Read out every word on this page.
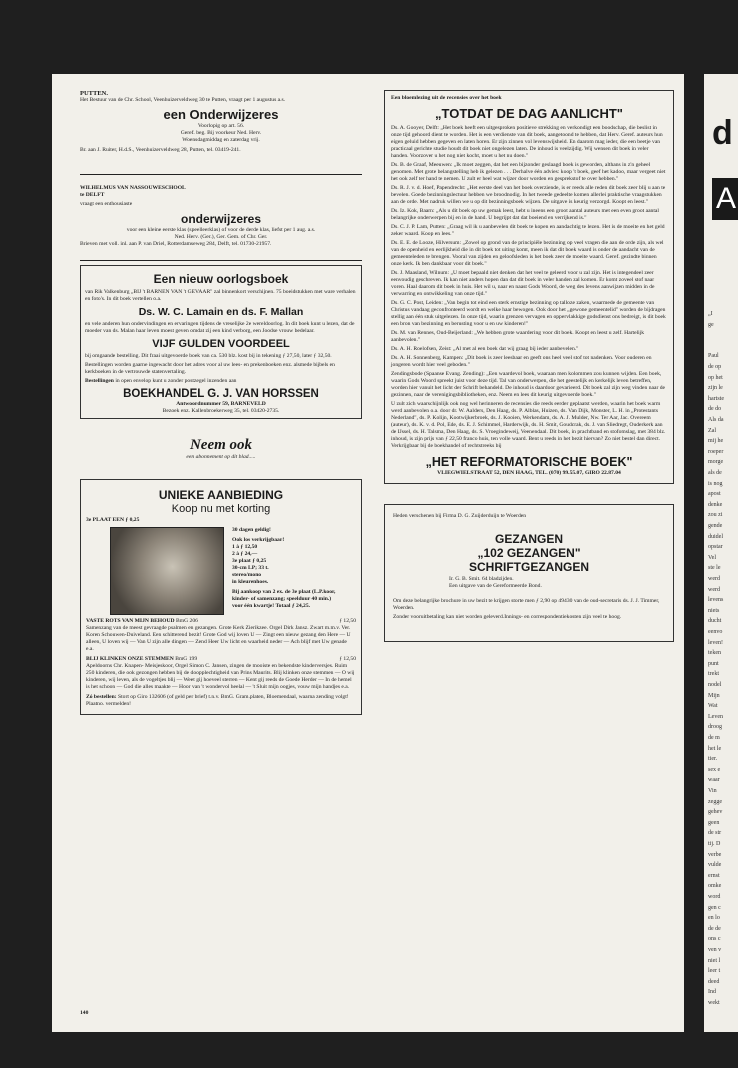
PUTTEN.
Het Bestuur van de Chr. School, Veenhuizerveldweg 30 te Putten, vraagt per 1 augustus a.s.
een Onderwijzeres
Voorlopig op art. 56.
Geref. beg. Bij voorkeur Ned. Herv.
Woensdagmiddag en zaterdag vrij.
Br. aan J. Ruiter, H.d.S., Veenhuizerveldweg 28, Putten, tel. 03419-241.
WILHELMUS VAN NASSOUWESCHOOL
te DELFT
vraagt een enthousiaste
onderwijzeres
voor een kleine eerste klas (speelleerklas) of voor de derde klas, liefst per 1 aug. a.s.
Ned. Herv. (Ger.), Ger. Gem. of Chr. Ger.
Brieven met voll. inl. aan P. van Driel, Rotterdamseweg 284, Delft, tel. 01730-21957.
Een nieuw oorlogsboek
van Rik Valkenburg „BIJ 't BARNEN VAN 't GEVAAR" zal binnenkort verschijnen. 75 boeidstukken met ware verhalen en foto's. In dit boek vertellen o.a.
Ds. W. C. Lamain en ds. F. Mallan
en vele anderen hun ondervindingen en ervaringen tijdens de vreselijke 2e wereldoorlog. In dit boek kunt u lezen, dat de moeder van ds. Malan haar leven moest geven omdat zij een kind verborg, een Joodse vrouw bedelaar.
VIJF GULDEN VOORDEEL
bij omgaande bestelling. Dit fraai uitgevoerde boek van ca. 530 blz. kost bij in tekening ƒ 27,50, later ƒ 32,50.
Bestellingen worden gaarne ingewacht door het adres voor al uw lees- en prekenboeken enz. alsmede bijbels en kerkboeken in de vertrouwde statenvertaling.
Bestellingen in open envelop kunt u zonder postzegel inzenden aan
BOEKHANDEL G. J. VAN HORSSEN
Antwoordnummer 59, BARNEVELD
Bezoek enz. Kallenbroekerweg 35, tel. 03420-2735.
Neem ook
een abonnement op dit blad.....
UNIEKE AANBIEDING
Koop nu met korting
3e PLAAT EEN ƒ 0,25
30 dagen geldig!
Ook los verkrijgbaar!
1 à ƒ 12,50
2 à ƒ 24,—
3e plaat ƒ 0,25
30-cm LP; 33 t.
stereo/mono
in kleurenhoes.
Bij aankoop van 2 ex. de 3e plaat (L.P.koor, kinder- of samenzang; speelduur 40 min.) voor één kwartje! Totaal ƒ 24,25.
VASTE ROTS VAN MIJN BEHOUD BmG 206	ƒ 12,50
Samenzang van de meest gevraagde psalmen en gezangen. Grote Kerk Zierikzee. Orgel Dirk Jansz. Zwart m.m.v. Ver. Koren Schouwen-Duiveland. Een schitterend bezit! Grote God wij loven U — Zingt een nieuw gezang den Here — U alleen, U loven wij — Van U zijn alle dingen — Zend Heer Uw licht en waarheid neder — Ach blijf met Uw genade e.a.
BLIJ KLINKEN ONZE STEMMEN BmG 199	ƒ 12,50
Apeldoorns Chr. Knapen- Meisjeskoor, Orgel Simon C. Jansen, zingen de mooiste en bekendste kinderversjes. Ruim 250 kinderen, die ook gezongen hebben bij de doopplechtigheid van Prins Maurits. Blij klinken onze stemmen — O wij kinderen, wij leven, als de vogeltjes blij — Weet gij hoeveel sterren — Kent gij reeds de Goede Herder — In de hemel is het schoon — God die alles maakte — Hoor van 't wondervol heelal — 't Sluit mijn oogjes, vouw mijn handjes e.a.
Zó bestellen: Stort op Giro 132606 (of geld per brief) t.n.v. BmG. Gram.platen, Bloemendaal, waarna zending volgt! Plaatno. vermelden!
140
Een bloemlezing uit de recensies over het boek
„TOTDAT DE DAG AANLICHT"
Ds. A. Gooyer, Delft: „Het boek heeft een uitgesproken positieve strekking en verkondigt een boodschap, die beslist in onze tijd gehoord dient te worden. Het is een verdienste van dit boek, aangetoond te hebben, dat Herv. Geref. auteurs hun eigen geluid hebben gegeven en laten horen. Er zijn zinnen vol levenswijsheid. En daarom mag ieder, die een beetje van practicaal gerichte studie houdt dit boek niet ongelezen laten. De inhoud is veelzijdig. Wij wensen dit boek in veler handen. Voorzover u het nog niet kocht, moet u het nu doen."
Ds. B. de Graaf, Meeuwen: „Ik moet zeggen, dat het een bijzonder geslaagd boek is geworden, althans in z'n geheel genomen. Met grote belangstelling heb ik gelezen . . . Derhalve één advies: koop 't boek, geef het kadoo, maar vergeet niet het ook zelf ter hand te nemen. U zult er heel wat wijzer door worden en gesprekstof te over hebben."
Ds. R. J. v. d. Hoef, Papendrecht: „Het eerste deel van het boek overziende, is er reeds alle reden dit boek zeer blij u aan te bevelen. Goede bezinningslectuur hebben we broodnodig. In het tweede gedeelte komen allerlei praktische vraagstukken aan de orde. Met nadruk willen we u op dit bezinningsboek wijzen. De uitgave is keurig verzorgd. Koopt en leest."
Ds. Iz. Kok, Baarn: „Als u dit boek op uw gemak leest, hebt u ineens een groot aantal auteurs met een even groot aantal belangrijke onderwerpen bij en in de hand. U begrijpt dat dat boeiend en verrijkend is."
Ds. C. J. P. Lam, Putten: „Graag wil ik u aanbevelen dit boek te kopen en aandachtig te lezen. Het is de moeite en het geld zeker waard. Koop en lees."
Ds. E. E. de Looze, Hilversum: „Zowel op grond van de principiële bezinning op veel vragen die aan de orde zijn, als wel van de openheid en eerlijkheid die in dit boek tot uiting komt, meen ik dat dit boek waard is onder de aandacht van de gemeenteleden te brengen. Vooral van zijden en geloofsleden is het boek zeer de moeite waard. Geref. gezindte binnen onze kerk. Ik ben dankbaar voor dit boek."
Ds. J. Maasland, Wilnum: „U moet bepaald niet denken dat het veel te geleerd voor u zal zijn. Het is integendeel zeer eenvoudig geschreven. Ik kan niet anders hopen dan dat dit boek in veler handen zal komen. Er komt zoveel stof naar voren. Haal daarom dit boek in huis. Het wil u, naar en naast Gods Woord, de weg des levens aanwijzen midden in de verwarring en ontwikkeling van onze tijd."
Ds. G. C. Post, Leiden: „Van begin tot eind een sterk ernstige bezinning op talloze zaken, waarmede de gemeente van Christus vandaag geconfronteerd wordt en welke haar bewogen. Ook door het „gewone gemeentelid" worden de bijdragen stellig aan één stuk uitgelezen. In onze tijd, waarin grenzen vervagen en oppervlakkige godsdienst ons bedreigt, is dit boek een bron van bezinning en berusting voor u en uw kinderen!"
Ds. M. van Rennes, Oud-Beijerland: „We hebben grote waardering voor dit boek. Koopt en leest u zelf. Hartelijk aanbevolen."
Ds. A. H. Roelofsen, Zeist: „Al met al een boek dat wij graag bij ieder aanbevelen."
Ds. A. H. Sonnenberg, Kampen: „Dit boek is zeer leesbaar en geeft ons heel veel stof tot nadenken. Voor ouderen en jongeren wordt hier veel geboden."
Zendingsbode (Spaanse Evang. Zending): „Een waardevol boek, waaraan men kolommen zou kunnen wijden. Een boek, waarin Gods Woord spreekt juist voor deze tijd. Tal van onderwerpen, die het geestelijk en kerkelijk leven betreffen, worden hier vanuit het licht der Schrift behandeld. De inhoud is daardoor gevarieerd. Dit boek zal zijn weg vinden naar de gezinnen, naar de verenigingsbibliotheken, enz. Neem en lees dit keurig uitgevoerde boek."
U zult zich waarschijnlijk ook nog wel herinneren de recensies die reeds eerder geplaatst werden, waarin het boek warm werd aanbevolen o.a. door dr. W. Aalders, Den Haag, ds. P. Alblas, Huizen, ds. Van Dijk, Monster, L. H. in „Protestants Nederland", ds. P. Kolijn, Kootwijkerbroek, ds. J. Kooien, Werkendam, ds. A. J. Mulder, Nw. Ter Aar, Jac. Overeem (auteur), ds. K. v. d. Pol, Ede, ds. E. J. Schimmel, Harderwijk, ds. H. Smit, Goudcrak, ds. J. van Sliedregt, Ouderkerk aan de IJssel, ds. H. Talsma, Den Haag, ds. S. Vroegindeweij, Veenendaal. Dit boek, in prachtband en stofomslag, met 384 blz. inhoud, is zijn prijs van ƒ 22,50 franco huis, ten volle waard. Bent u reeds in het bezit hiervan? Zo niet bestel dan direct. Verkrijgbaar bij de boekhandel of rechtstreeks bij
„HET REFORMATORISCHE BOEK"
VLIEGWIELSTRAAT 52, DEN HAAG, TEL. (070) 99.55.07, GIRO 22.87.04
Heden verschenen bij Firma D. G. Zuijderduijn te Woerden
GEZANGEN
„102 GEZANGEN"
SCHRIFTGEZANGEN
Ir. G. B. Smit. 64 bladzijden.
Een uitgave van de Gereformeerde Bond.
Om deze belangrijke brochure in uw bezit te krijgen storte men ƒ 2,90 op 49430 van de oud-secretaris ds. J. J. Timmer, Woerden.
Zonder vooruitbetaling kan niet worden geleverd.Innings- en correspondentiekosten zijn veel te hoog.
d
A
„I
ge
Paul
de op
op het
zijn le
hartste
de do
Als da
Zal
mij he
roeper
morge
als de
is nog
apost
denke
zou zi
gende
duidel
opstar
Vel
ste le
werd
werd
levens
niets
ducht
eenvo
leven!
teken
punt
trekt
nodel
Mijn
Wat
Leven
droog
de m
het le
tier.
sex e
waar
Vin
zegge
gehev
geen
de str
tij. D
verbe
vulde
ernst
omke
word
gen c
en lo
de de
ons c
ven v
niet l
leer t
deed
Ind
wekt
